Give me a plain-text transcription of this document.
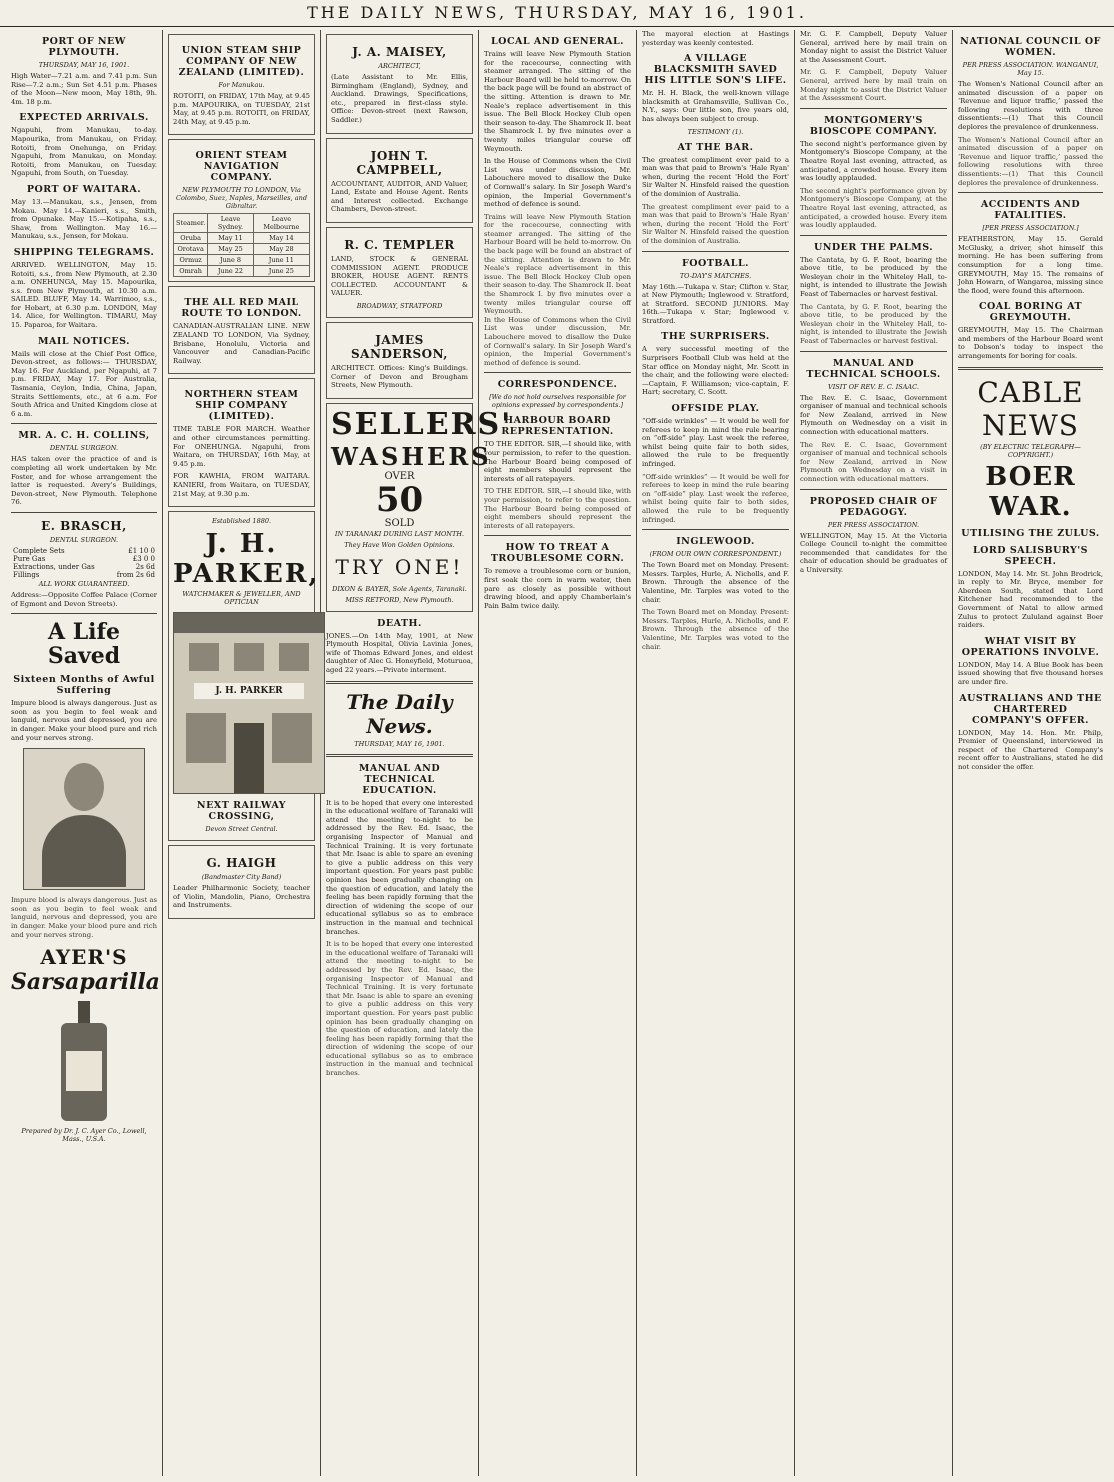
THE DAILY NEWS, THURSDAY, MAY 16, 1901.
PORT OF NEW PLYMOUTH.
THURSDAY, MAY 16, 1901.
High Water—7.21 a.m. and 7.41 p.m. Sun Rise—7.2 a.m.; Sun Set 4.51 p.m. Phases of the Moon—New moon, May 18th, 9h. 4m. 18 p.m.
EXPECTED ARRIVALS.
Ngapuhi, from Manukau, to-day. Mapourika, from Manukau, on Friday. Rotoiti, from Onehunga, on Friday. Ngapuhi, from Manukau, on Monday. Rotoiti, from Manukau, on Tuesday. Ngapuhi, from South, on Tuesday.
PORT OF WAITARA.
May 13.—Manukau, s.s., Jensen, from Mokau. May 14.—Kanieri, s.s., Smith, from Opunake. May 15.—Kotipaha, s.s., Shaw, from Wellington. May 16.—Manukau, s.s., Jensen, for Mokau.
SHIPPING TELEGRAMS.
ARRIVED. WELLINGTON, May 15. Rotoiti, s.s., from New Plymouth, at 2.30 a.m. ONEHUNGA, May 15. Mapourika, s.s. from New Plymouth, at 10.30 a.m. SAILED. BLUFF, May 14. Warrimoo, s.s., for Hobart, at 6.30 p.m. LONDON, May 14. Alice, for Wellington. TIMARU, May 15. Paparoa, for Waitara.
MAIL NOTICES.
Mails will close at the Chief Post Office, Devon-street, as follows:— THURSDAY, May 16. For Auckland, per Ngapuhi, at 7 p.m. FRIDAY, May 17. For Australia, Tasmania, Ceylon, India, China, Japan, Straits Settlements, etc., at 6 a.m. For South Africa and United Kingdom close at 6 a.m.
MR. A. C. H. COLLINS,
DENTAL SURGEON.
HAS taken over the practice of and is completing all work undertaken by Mr. Foster, and for whose arrangement the latter is requested. Avery's Buildings, Devon-street, New Plymouth. Telephone 76.
E. BRASCH,
DENTAL SURGEON.
Complete Sets	£1 10 0
Pure Gas	£3 0 0
Extractions, under Gas	2s 6d
Fillings	from 2s 6d
ALL WORK GUARANTEED.
Address:—Opposite Coffee Palace (Corner of Egmont and Devon Streets).
A Life Saved
Sixteen Months of Awful Suffering
Impure blood is always dangerous. Just as soon as you begin to feel weak and languid, nervous and depressed, you are in danger. Make your blood pure and rich and your nerves strong.
Impure blood is always dangerous. Just as soon as you begin to feel weak and languid, nervous and depressed, you are in danger. Make your blood pure and rich and your nerves strong.
AYER'S
Sarsaparilla
Prepared by Dr. J. C. Ayer Co., Lowell, Mass., U.S.A.
UNION STEAM SHIP COMPANY OF NEW ZEALAND (LIMITED).
For Manukau.
ROTOITI, on FRIDAY, 17th May, at 9.45 p.m. MAPOURIKA, on TUESDAY, 21st May, at 9.45 p.m. ROTOITI, on FRIDAY, 24th May, at 9.45 p.m.
ORIENT STEAM NAVIGATION COMPANY.
NEW PLYMOUTH TO LONDON, Via Colombo, Suez, Naples, Marseilles, and Gibraltar.
Steamer.	Leave Sydney.	Leave Melbourne
Oruba	May 11	May 14
Orotava	May 25	May 28
Ormuz	June 8	June 11
Omrah	June 22	June 25
THE ALL RED MAIL ROUTE TO LONDON.
CANADIAN-AUSTRALIAN LINE. NEW ZEALAND TO LONDON, Via Sydney, Brisbane, Honolulu, Victoria and Vancouver and Canadian-Pacific Railway.
NORTHERN STEAM SHIP COMPANY (LIMITED).
TIME TABLE FOR MARCH. Weather and other circumstances permitting. For ONEHUNGA. Ngapuhi, from Waitara, on THURSDAY, 16th May, at 9.45 p.m.
FOR KAWHIA, FROM WAITARA. KANIERI, from Waitara, on TUESDAY, 21st May, at 9.30 p.m.
Established 1880.
J. H. PARKER,
WATCHMAKER & JEWELLER, AND OPTICIAN
J. H. PARKER
NEXT RAILWAY CROSSING,
Devon Street Central.
G. HAIGH
(Bandmaster City Band)
Leader Philharmonic Society, teacher of Violin, Mandolin, Piano, Orchestra and Instruments.
J. A. MAISEY,
ARCHITECT,
(Late Assistant to Mr. Ellis, Birmingham (England), Sydney, and Auckland. Drawings, Specifications, etc., prepared in first-class style. Office: Devon-street (next Rawson, Saddler.)
JOHN T. CAMPBELL,
ACCOUNTANT, AUDITOR, AND Valuer, Land, Estate and House Agent. Rents and Interest collected. Exchange Chambers, Devon-street.
R. C. TEMPLER
LAND, STOCK & GENERAL COMMISSION AGENT. PRODUCE BROKER, HOUSE AGENT. RENTS COLLECTED. ACCOUNTANT & VALUER.
BROADWAY, STRATFORD
JAMES SANDERSON,
ARCHITECT. Offices: King's Buildings. Corner of Devon and Brougham Streets, New Plymouth.
SELLERS'
WASHERS
OVER
50
SOLD
IN TARANAKI DURING LAST MONTH.
They Have Won Golden Opinions.
TRY ONE!
DIXON & BAYER, Sole Agents, Taranaki.
MISS RETFORD, New Plymouth.
DEATH.
JONES.—On 14th May, 1901, at New Plymouth Hospital, Olivia Lavinia Jones, wife of Thomas Edward Jones, and eldest daughter of Alec G. Honeyfield, Moturuoa, aged 22 years.—Private interment.
The Daily News.
THURSDAY, MAY 16, 1901.
MANUAL AND TECHNICAL EDUCATION.
It is to be hoped that every one interested in the educational welfare of Taranaki will attend the meeting to-night to be addressed by the Rev. Ed. Isaac, the organising Inspector of Manual and Technical Training. It is very fortunate that Mr. Isaac is able to spare an evening to give a public address on this very important question. For years past public opinion has been gradually changing on the question of education, and lately the feeling has been rapidly forming that the direction of widening the scope of our educational syllabus so as to embrace instruction in the manual and technical branches.
It is to be hoped that every one interested in the educational welfare of Taranaki will attend the meeting to-night to be addressed by the Rev. Ed. Isaac, the organising Inspector of Manual and Technical Training. It is very fortunate that Mr. Isaac is able to spare an evening to give a public address on this very important question. For years past public opinion has been gradually changing on the question of education, and lately the feeling has been rapidly forming that the direction of widening the scope of our educational syllabus so as to embrace instruction in the manual and technical branches.
LOCAL AND GENERAL.
Trains will leave New Plymouth Station for the racecourse, connecting with steamer arranged. The sitting of the Harbour Board will be held to-morrow. On the back page will be found an abstract of the sitting. Attention is drawn to Mr. Neale's replace advertisement in this issue. The Bell Block Hockey Club open their season to-day. The Shamrock II. beat the Shamrock I. by five minutes over a twenty miles triangular course off Weymouth.
In the House of Commons when the Civil List was under discussion, Mr. Labouchere moved to disallow the Duke of Cornwall's salary. In Sir Joseph Ward's opinion, the Imperial Government's method of defence is sound.
Trains will leave New Plymouth Station for the racecourse, connecting with steamer arranged. The sitting of the Harbour Board will be held to-morrow. On the back page will be found an abstract of the sitting. Attention is drawn to Mr. Neale's replace advertisement in this issue. The Bell Block Hockey Club open their season to-day. The Shamrock II. beat the Shamrock I. by five minutes over a twenty miles triangular course off Weymouth.
In the House of Commons when the Civil List was under discussion, Mr. Labouchere moved to disallow the Duke of Cornwall's salary. In Sir Joseph Ward's opinion, the Imperial Government's method of defence is sound.
CORRESPONDENCE.
[We do not hold ourselves responsible for opinions expressed by correspondents.]
HARBOUR BOARD REPRESENTATION.
TO THE EDITOR. SIR,—I should like, with your permission, to refer to the question. The Harbour Board being composed of eight members should represent the interests of all ratepayers.
TO THE EDITOR. SIR,—I should like, with your permission, to refer to the question. The Harbour Board being composed of eight members should represent the interests of all ratepayers.
HOW TO TREAT A TROUBLESOME CORN.
To remove a troublesome corn or bunion, first soak the corn in warm water, then pare as closely as possible without drawing blood, and apply Chamberlain's Pain Balm twice daily.
The mayoral election at Hastings yesterday was keenly contested.
A VILLAGE BLACKSMITH SAVED HIS LITTLE SON'S LIFE.
Mr. H. H. Black, the well-known village blacksmith at Grahamsville, Sullivan Co., N.Y., says: Our little son, five years old, has always been subject to croup.
TESTIMONY (1).
AT THE BAR.
The greatest compliment ever paid to a man was that paid to Brown's 'Hale Ryan' when, during the recent 'Hold the Fort' Sir Walter N. Hinsfeld raised the question of the dominion of Australia.
The greatest compliment ever paid to a man was that paid to Brown's 'Hale Ryan' when, during the recent 'Hold the Fort' Sir Walter N. Hinsfeld raised the question of the dominion of Australia.
FOOTBALL.
TO-DAY'S MATCHES.
May 16th.—Tukapa v. Star; Clifton v. Star, at New Plymouth; Inglewood v. Stratford, at Stratford. SECOND JUNIORS. May 16th.—Tukapa v. Star; Inglewood v. Stratford.
THE SURPRISERS.
A very successful meeting of the Surprisers Football Club was held at the Star office on Monday night, Mr. Scott in the chair, and the following were elected:—Captain, F. Williamson; vice-captain, F. Hart; secretary, C. Scott.
OFFSIDE PLAY.
“Off-side wrinkles” — It would be well for referees to keep in mind the rule bearing on “off-side” play. Last week the referee, whilst being quite fair to both sides, allowed the rule to be frequently infringed.
“Off-side wrinkles” — It would be well for referees to keep in mind the rule bearing on “off-side” play. Last week the referee, whilst being quite fair to both sides, allowed the rule to be frequently infringed.
INGLEWOOD.
(FROM OUR OWN CORRESPONDENT.)
The Town Board met on Monday. Present: Messrs. Tarples, Hurle, A. Nicholls, and F. Brown. Through the absence of the Valentine, Mr. Tarples was voted to the chair.
The Town Board met on Monday. Present: Messrs. Tarples, Hurle, A. Nicholls, and F. Brown. Through the absence of the Valentine, Mr. Tarples was voted to the chair.
Mr. G. F. Campbell, Deputy Valuer General, arrived here by mail train on Monday night to assist the District Valuer at the Assessment Court.
Mr. G. F. Campbell, Deputy Valuer General, arrived here by mail train on Monday night to assist the District Valuer at the Assessment Court.
MONTGOMERY'S BIOSCOPE COMPANY.
The second night's performance given by Montgomery's Bioscope Company, at the Theatre Royal last evening, attracted, as anticipated, a crowded house. Every item was loudly applauded.
The second night's performance given by Montgomery's Bioscope Company, at the Theatre Royal last evening, attracted, as anticipated, a crowded house. Every item was loudly applauded.
UNDER THE PALMS.
The Cantata, by G. F. Root, bearing the above title, to be produced by the Wesleyan choir in the Whiteley Hall, to-night, is intended to illustrate the Jewish Feast of Tabernacles or harvest festival.
The Cantata, by G. F. Root, bearing the above title, to be produced by the Wesleyan choir in the Whiteley Hall, to-night, is intended to illustrate the Jewish Feast of Tabernacles or harvest festival.
MANUAL AND TECHNICAL SCHOOLS.
VISIT OF REV. E. C. ISAAC.
The Rev. E. C. Isaac, Government organiser of manual and technical schools for New Zealand, arrived in New Plymouth on Wednesday on a visit in connection with educational matters.
The Rev. E. C. Isaac, Government organiser of manual and technical schools for New Zealand, arrived in New Plymouth on Wednesday on a visit in connection with educational matters.
PROPOSED CHAIR OF PEDAGOGY.
PER PRESS ASSOCIATION.
WELLINGTON, May 15. At the Victoria College Council to-night the committee recommended that candidates for the chair of education should be graduates of a University.
NATIONAL COUNCIL OF WOMEN.
PER PRESS ASSOCIATION. WANGANUI, May 15.
The Women's National Council after an animated discussion of a paper on ‘Revenue and liquor traffic,’ passed the following resolutions with three dissentients:—(1) That this Council deplores the prevalence of drunkenness.
The Women's National Council after an animated discussion of a paper on ‘Revenue and liquor traffic,’ passed the following resolutions with three dissentients:—(1) That this Council deplores the prevalence of drunkenness.
ACCIDENTS AND FATALITIES.
[PER PRESS ASSOCIATION.]
FEATHERSTON, May 15. Gerald McGlusky, a driver, shot himself this morning. He has been suffering from consumption for a long time. GREYMOUTH, May 15. The remains of John Howarn, of Wangaroa, missing since the flood, were found this afternoon.
COAL BORING AT GREYMOUTH.
GREYMOUTH, May 15. The Chairman and members of the Harbour Board went to Dobson's today to inspect the arrangements for boring for coals.
CABLE NEWS
(BY ELECTRIC TELEGRAPH—COPYRIGHT.)
BOER WAR.
UTILISING THE ZULUS.
LORD SALISBURY'S SPEECH.
LONDON, May 14. Mr. St. John Brodrick, in reply to Mr. Bryce, member for Aberdeen South, stated that Lord Kitchener had recommended to the Government of Natal to allow armed Zulus to protect Zululand against Boer raiders.
WHAT VISIT BY OPERATIONS INVOLVE.
LONDON, May 14. A Blue Book has been issued showing that five thousand horses are under fire.
AUSTRALIANS AND THE CHARTERED COMPANY'S OFFER.
LONDON, May 14. Hon. Mr. Philp, Premier of Queensland, interviewed in respect of the Chartered Company's recent offer to Australians, stated he did not consider the offer.
